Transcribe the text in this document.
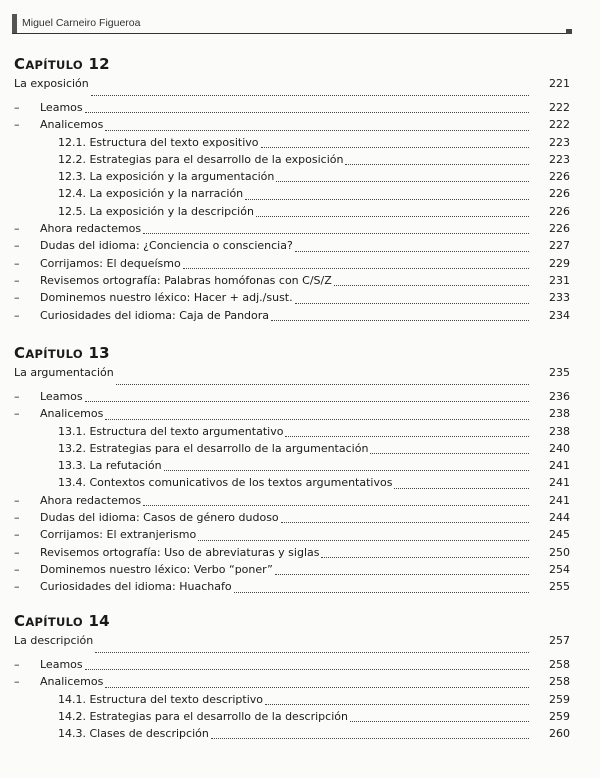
Miguel Carneiro Figueroa
CAPÍTULO 12
La exposición	221
–	Leamos	222
–	Analicemos	222
12.1. Estructura del texto expositivo	223
12.2. Estrategias para el desarrollo de la exposición	223
12.3. La exposición y la argumentación	226
12.4. La exposición y la narración	226
12.5. La exposición y la descripción	226
–	Ahora redactemos	226
–	Dudas del idioma: ¿Conciencia o consciencia?	227
–	Corrijamos: El dequeísmo	229
–	Revisemos ortografía: Palabras homófonas con C/S/Z	231
–	Dominemos nuestro léxico: Hacer + adj./sust.	233
–	Curiosidades del idioma: Caja de Pandora	234
CAPÍTULO 13
La argumentación	235
–	Leamos	236
–	Analicemos	238
13.1. Estructura del texto argumentativo	238
13.2. Estrategias para el desarrollo de la argumentación	240
13.3. La refutación	241
13.4. Contextos comunicativos de los textos argumentativos	241
–	Ahora redactemos	241
–	Dudas del idioma: Casos de género dudoso	244
–	Corrijamos: El extranjerismo	245
–	Revisemos ortografía: Uso de abreviaturas y siglas	250
–	Dominemos nuestro léxico: Verbo “poner”	254
–	Curiosidades del idioma: Huachafo	255
CAPÍTULO 14
La descripción	257
–	Leamos	258
–	Analicemos	258
14.1. Estructura del texto descriptivo	259
14.2. Estrategias para el desarrollo de la descripción	259
14.3. Clases de descripción	260
